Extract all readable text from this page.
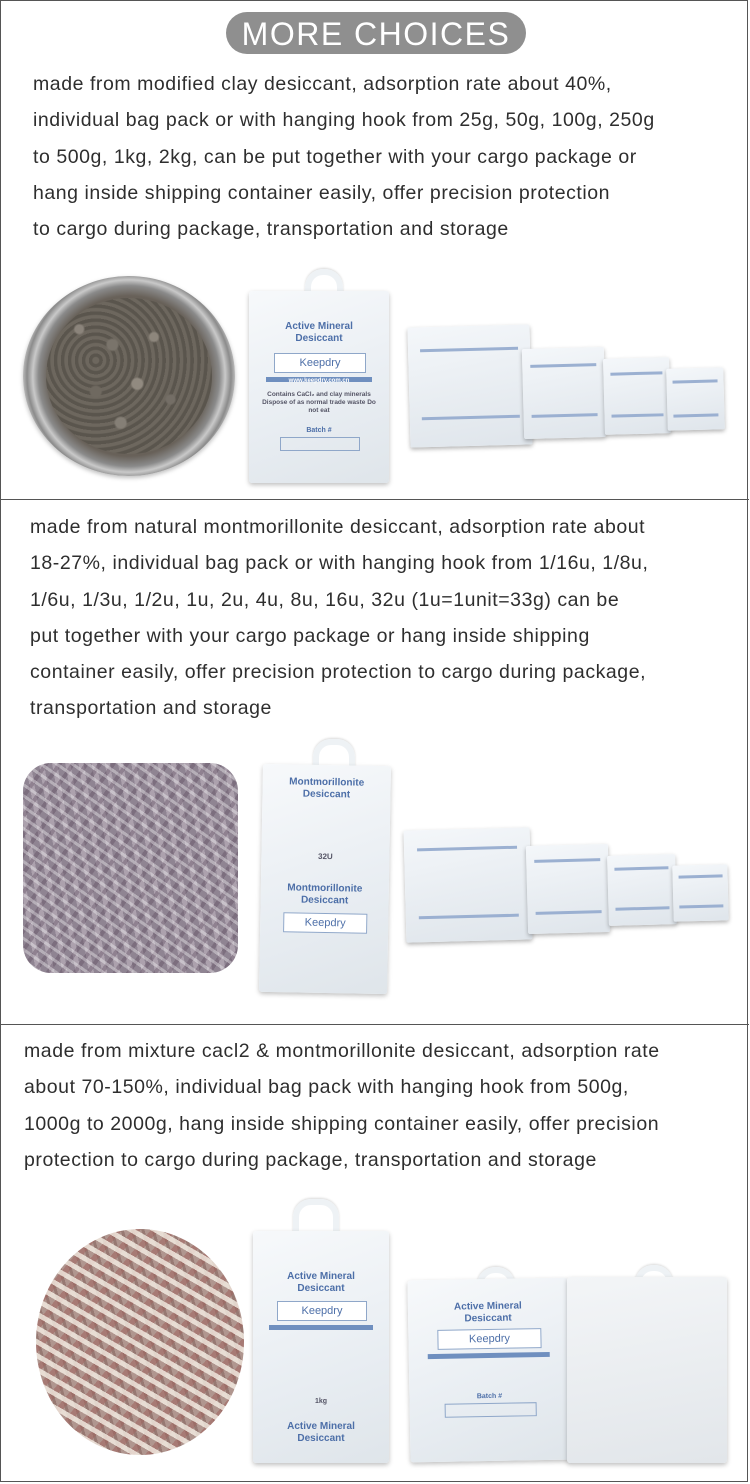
MORE CHOICES
made from modified clay desiccant, adsorption rate about 40%,
individual bag pack or with hanging hook from 25g, 50g, 100g, 250g
to 500g, 1kg, 2kg, can be put together with your cargo package or
hang inside shipping container easily, offer precision protection
to cargo during package, transportation and storage
Active Mineral
Desiccant
Keepdry
www.keepdry.com.cn
Contains CaCl₂ and clay minerals Dispose of as normal trade waste Do not eat
Batch #
made from natural montmorillonite desiccant, adsorption rate about
18-27%, individual bag pack or with hanging hook from 1/16u, 1/8u,
1/6u, 1/3u, 1/2u, 1u, 2u, 4u, 8u, 16u, 32u (1u=1unit=33g) can be
put together with your cargo package or hang inside shipping
container easily, offer precision protection to cargo during package,
transportation and storage
Montmorillonite
Desiccant
32U
Montmorillonite
Desiccant
Keepdry
made from mixture cacl2 & montmorillonite desiccant, adsorption rate
about 70-150%, individual bag pack with hanging hook from 500g,
1000g to 2000g, hang inside shipping container easily, offer precision
protection to cargo during package, transportation and storage
Active Mineral
Desiccant
Keepdry
1kg
Active Mineral
Desiccant
Active Mineral
Desiccant
Keepdry
Batch #
